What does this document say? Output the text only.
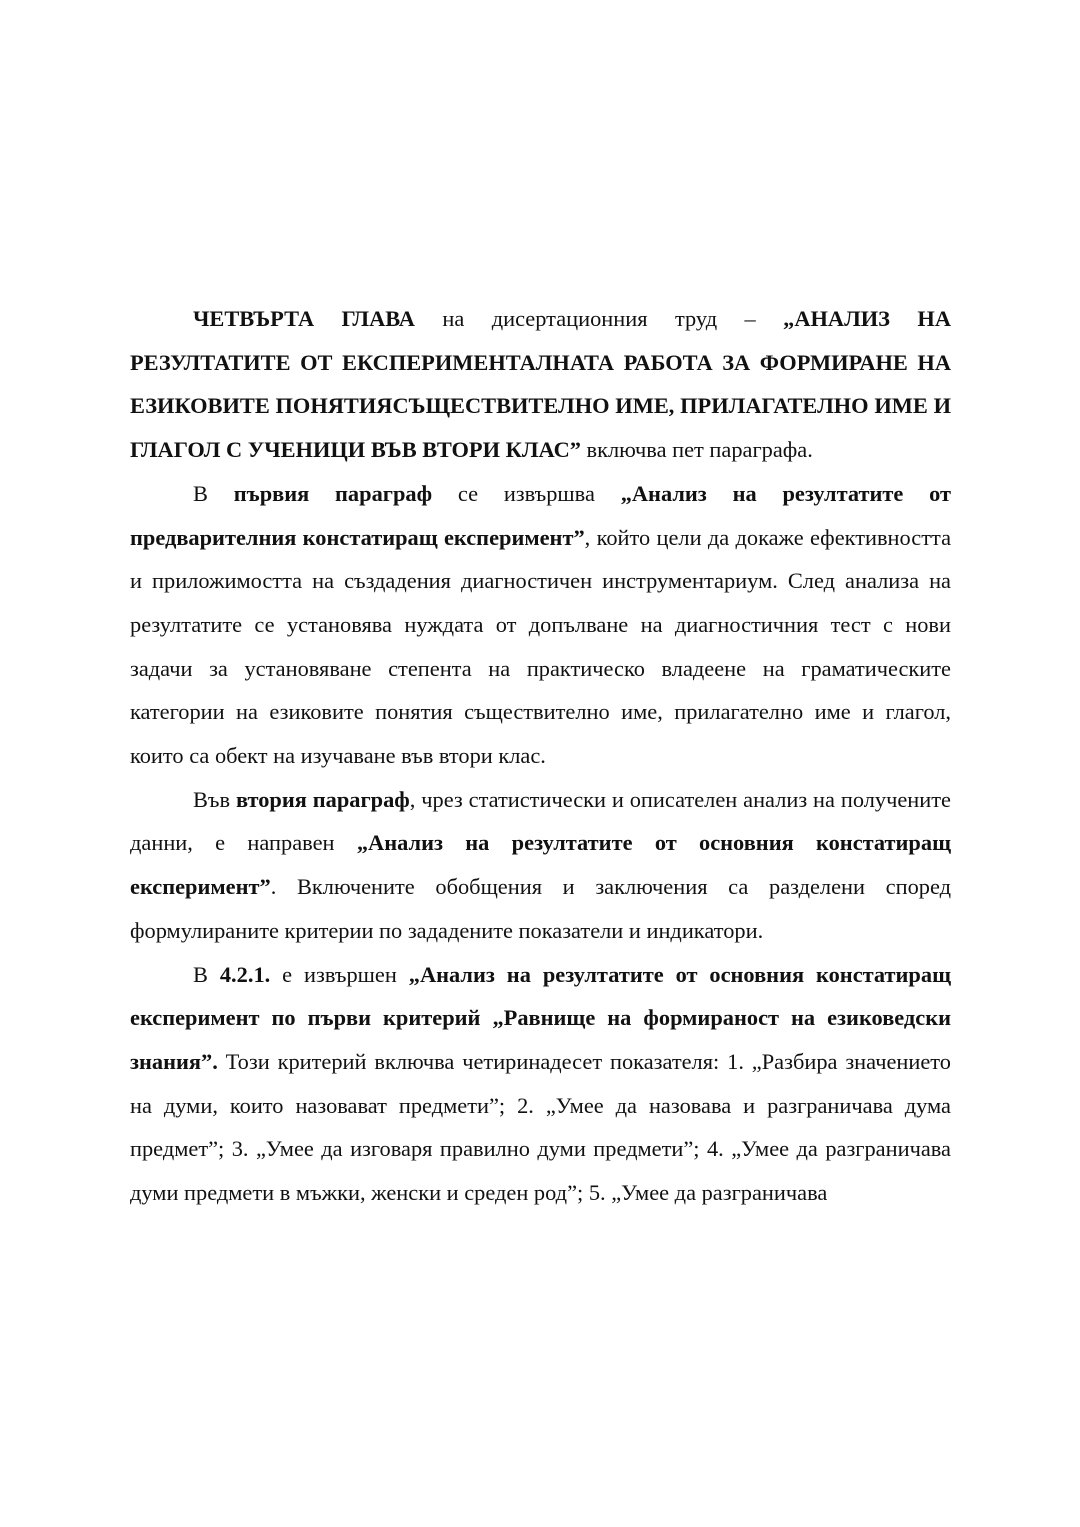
ЧЕТВЪРТА ГЛАВА на дисертационния труд – „АНАЛИЗ НА РЕЗУЛТАТИТЕ ОТ ЕКСПЕРИМЕНТАЛНАТА РАБОТА ЗА ФОРМИРАНЕ НА ЕЗИКОВИТЕ ПОНЯТИЯСЪЩЕСТВИТЕЛНО ИМЕ, ПРИЛАГАТЕЛНО ИМЕ И ГЛАГОЛ С УЧЕНИЦИ ВЪВ ВТОРИ КЛАС” включва пет параграфа.

В първия параграф се извършва „Анализ на резултатите от предварителния констатиращ експеримент”, който цели да докаже ефективността и приложимостта на създадения диагностичен инструментариум. След анализа на резултатите се установява нуждата от допълване на диагностичния тест с нови задачи за установяване степента на практическо владеене на граматическите категории на езиковите понятия съществително име, прилагателно име и глагол, които са обект на изучаване във втори клас.

Във втория параграф, чрез статистически и описателен анализ на получените данни, е направен „Анализ на резултатите от основния констатиращ експеримент”. Включените обобщения и заключения са разделени според формулираните критерии по зададените показатели и индикатори.

В 4.2.1. е извършен „Анализ на резултатите от основния констатиращ експеримент по първи критерий „Равнище на формираност на езиковедски знания”. Този критерий включва четиринадесет показателя: 1. „Разбира значението на думи, които назовават предмети”; 2. „Умее да назовава и разграничава дума предмет”; 3. „Умее да изговаря правилно думи предмети”; 4. „Умее да разграничава думи предмети в мъжки, женски и среден род”; 5. „Умее да разграничава
